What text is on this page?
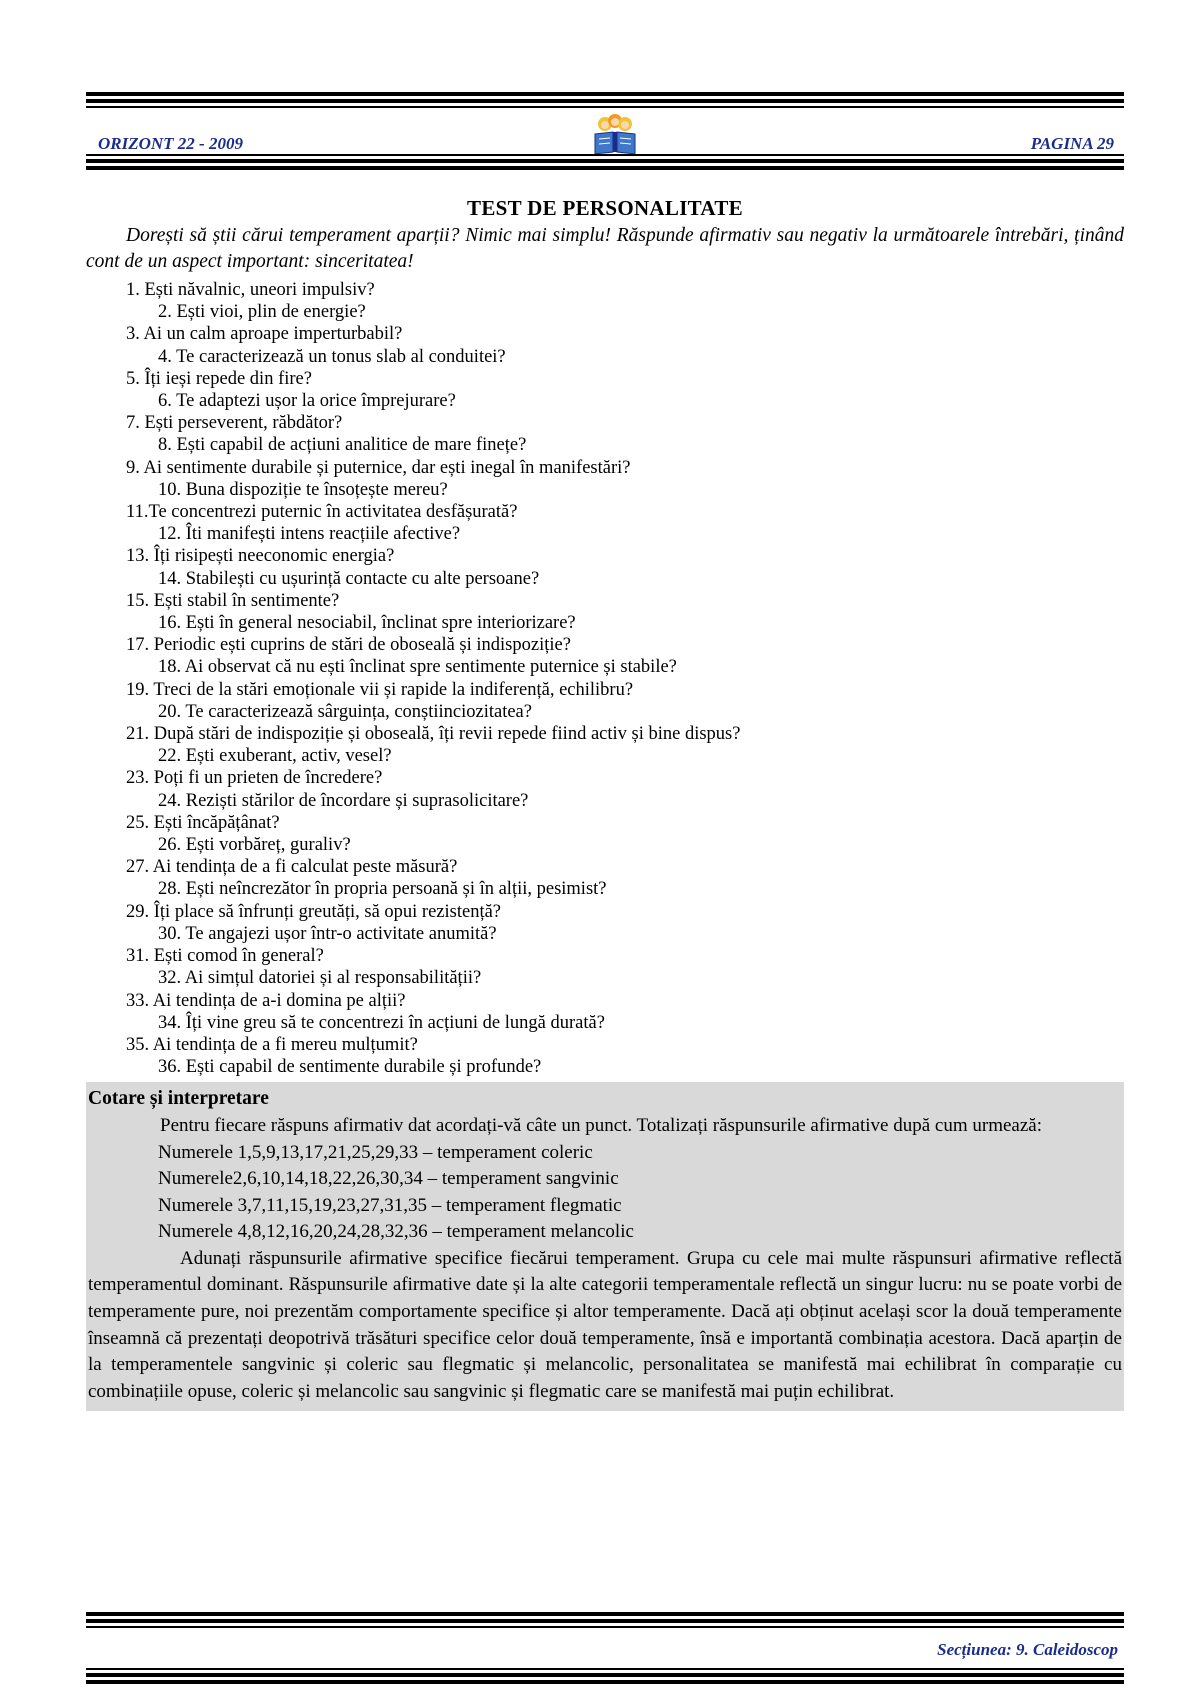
ORIZONT 22 - 2009	PAGINA 29
TEST DE PERSONALITATE
Dorești să știi cărui temperament aparții? Nimic mai simplu! Răspunde afirmativ sau negativ la următoarele întrebări, ținând cont de un aspect important: sinceritatea!
1. Ești năvalnic, uneori impulsiv?
2. Ești vioi, plin de energie?
3. Ai un calm aproape imperturbabil?
4. Te caracterizează un tonus slab al conduitei?
5. Îți ieși repede din fire?
6. Te adaptezi ușor la orice împrejurare?
7. Ești perseverent, răbdător?
8. Ești capabil de acțiuni analitice de mare finețe?
9. Ai sentimente durabile și puternice, dar ești inegal în manifestări?
10. Buna dispoziție te însoțește mereu?
11.Te concentrezi puternic în activitatea desfășurată?
12. Îti manifești intens reacțiile afective?
13. Îți risipești neeconomic energia?
14. Stabilești cu ușurință contacte cu alte persoane?
15. Ești stabil în sentimente?
16. Ești în general nesociabil, înclinat spre interiorizare?
17. Periodic ești cuprins de stări de oboseală și indispoziție?
18. Ai observat că nu ești înclinat spre sentimente puternice și stabile?
19. Treci de la stări emoționale vii și rapide la indiferență, echilibru?
20. Te caracterizează sârguința, conștiinciozitatea?
21. După stări de indispoziție și oboseală, îți revii repede fiind activ și bine dispus?
22. Ești exuberant, activ, vesel?
23. Poți fi un prieten de încredere?
24. Reziști stărilor de încordare și suprasolicitare?
25. Ești încăpățânat?
26. Ești vorbăreț, guraliv?
27. Ai tendința de a fi calculat peste măsură?
28. Ești neîncrezător în propria persoană și în alții, pesimist?
29. Îți place să înfrunți greutăți, să opui rezistență?
30. Te angajezi ușor într-o activitate anumită?
31. Ești comod în general?
32. Ai simțul datoriei și al responsabilității?
33. Ai tendința de a-i domina pe alții?
34. Îți vine greu să te concentrezi în acțiuni de lungă durată?
35. Ai tendința de a fi mereu mulțumit?
36. Ești capabil de sentimente durabile și profunde?
Cotare și interpretare
Pentru fiecare răspuns afirmativ dat acordați-vă câte un punct. Totalizați răspunsurile afirmative după cum urmează:
Numerele 1,5,9,13,17,21,25,29,33 – temperament coleric
Numerele2,6,10,14,18,22,26,30,34 – temperament sangvinic
Numerele 3,7,11,15,19,23,27,31,35 – temperament flegmatic
Numerele 4,8,12,16,20,24,28,32,36 – temperament melancolic
Adunați răspunsurile afirmative specifice fiecărui temperament. Grupa cu cele mai multe răspunsuri afirmative reflectă temperamentul dominant. Răspunsurile afirmative date și la alte categorii temperamentale reflectă un singur lucru: nu se poate vorbi de temperamente pure, noi prezentăm comportamente specifice și altor temperamente. Dacă ați obținut același scor la două temperamente înseamnă că prezentați deopotrivă trăsături specifice celor două temperamente, însă e importantă combinația acestora. Dacă aparțin de la temperamentele sangvinic și coleric sau flegmatic și melancolic, personalitatea se manifestă mai echilibrat în comparație cu combinațiile opuse, coleric și melancolic sau sangvinic și flegmatic care se manifestă mai puțin echilibrat.
Secțiunea: 9. Caleidoscop
